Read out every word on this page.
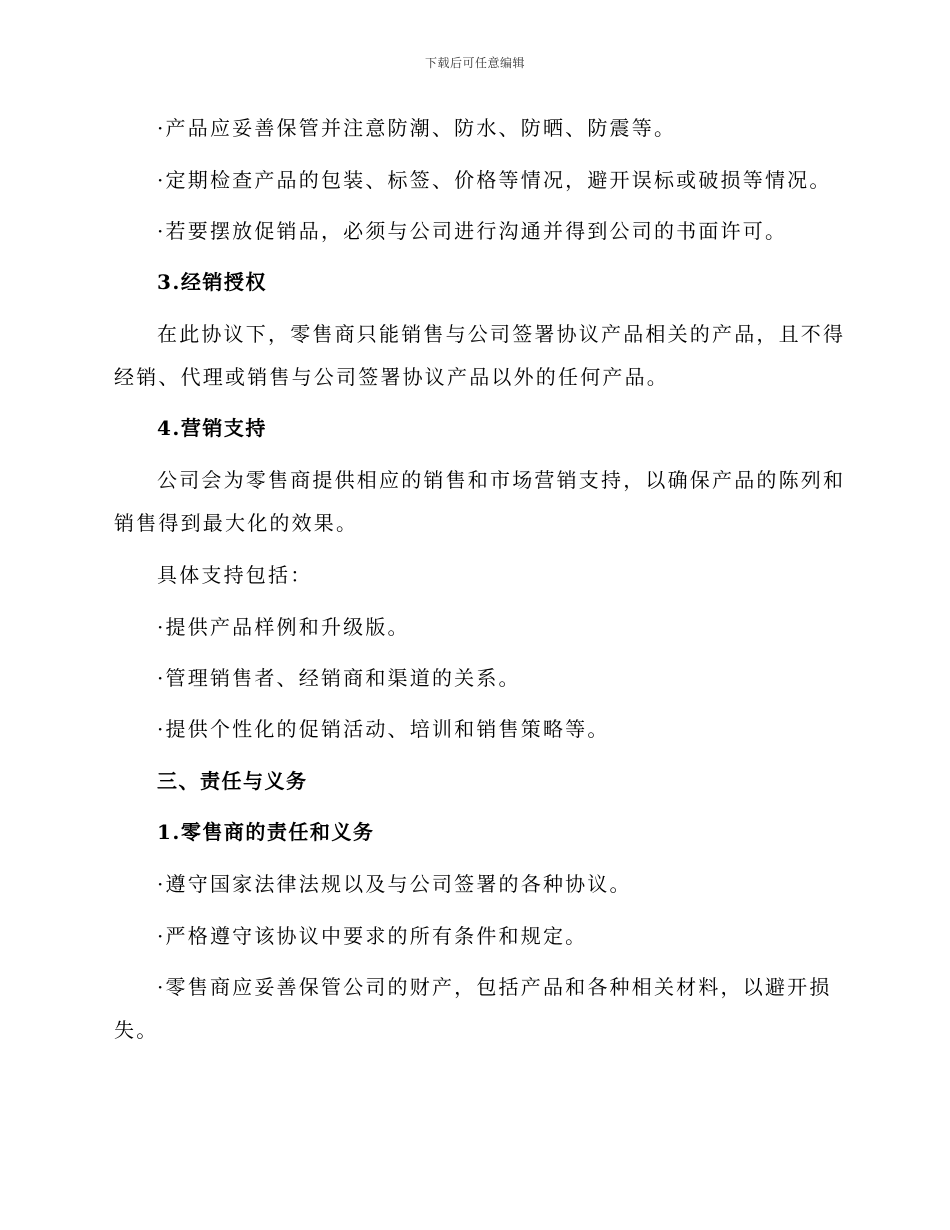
下载后可任意编辑
·产品应妥善保管并注意防潮、防水、防晒、防震等。
·定期检查产品的包装、标签、价格等情况，避开误标或破损等情况。
·若要摆放促销品，必须与公司进行沟通并得到公司的书面许可。
3.经销授权
在此协议下，零售商只能销售与公司签署协议产品相关的产品，且不得
经销、代理或销售与公司签署协议产品以外的任何产品。
4.营销支持
公司会为零售商提供相应的销售和市场营销支持，以确保产品的陈列和
销售得到最大化的效果。
具体支持包括：
·提供产品样例和升级版。
·管理销售者、经销商和渠道的关系。
·提供个性化的促销活动、培训和销售策略等。
三、责任与义务
1.零售商的责任和义务
·遵守国家法律法规以及与公司签署的各种协议。
·严格遵守该协议中要求的所有条件和规定。
·零售商应妥善保管公司的财产，包括产品和各种相关材料，以避开损
失。
